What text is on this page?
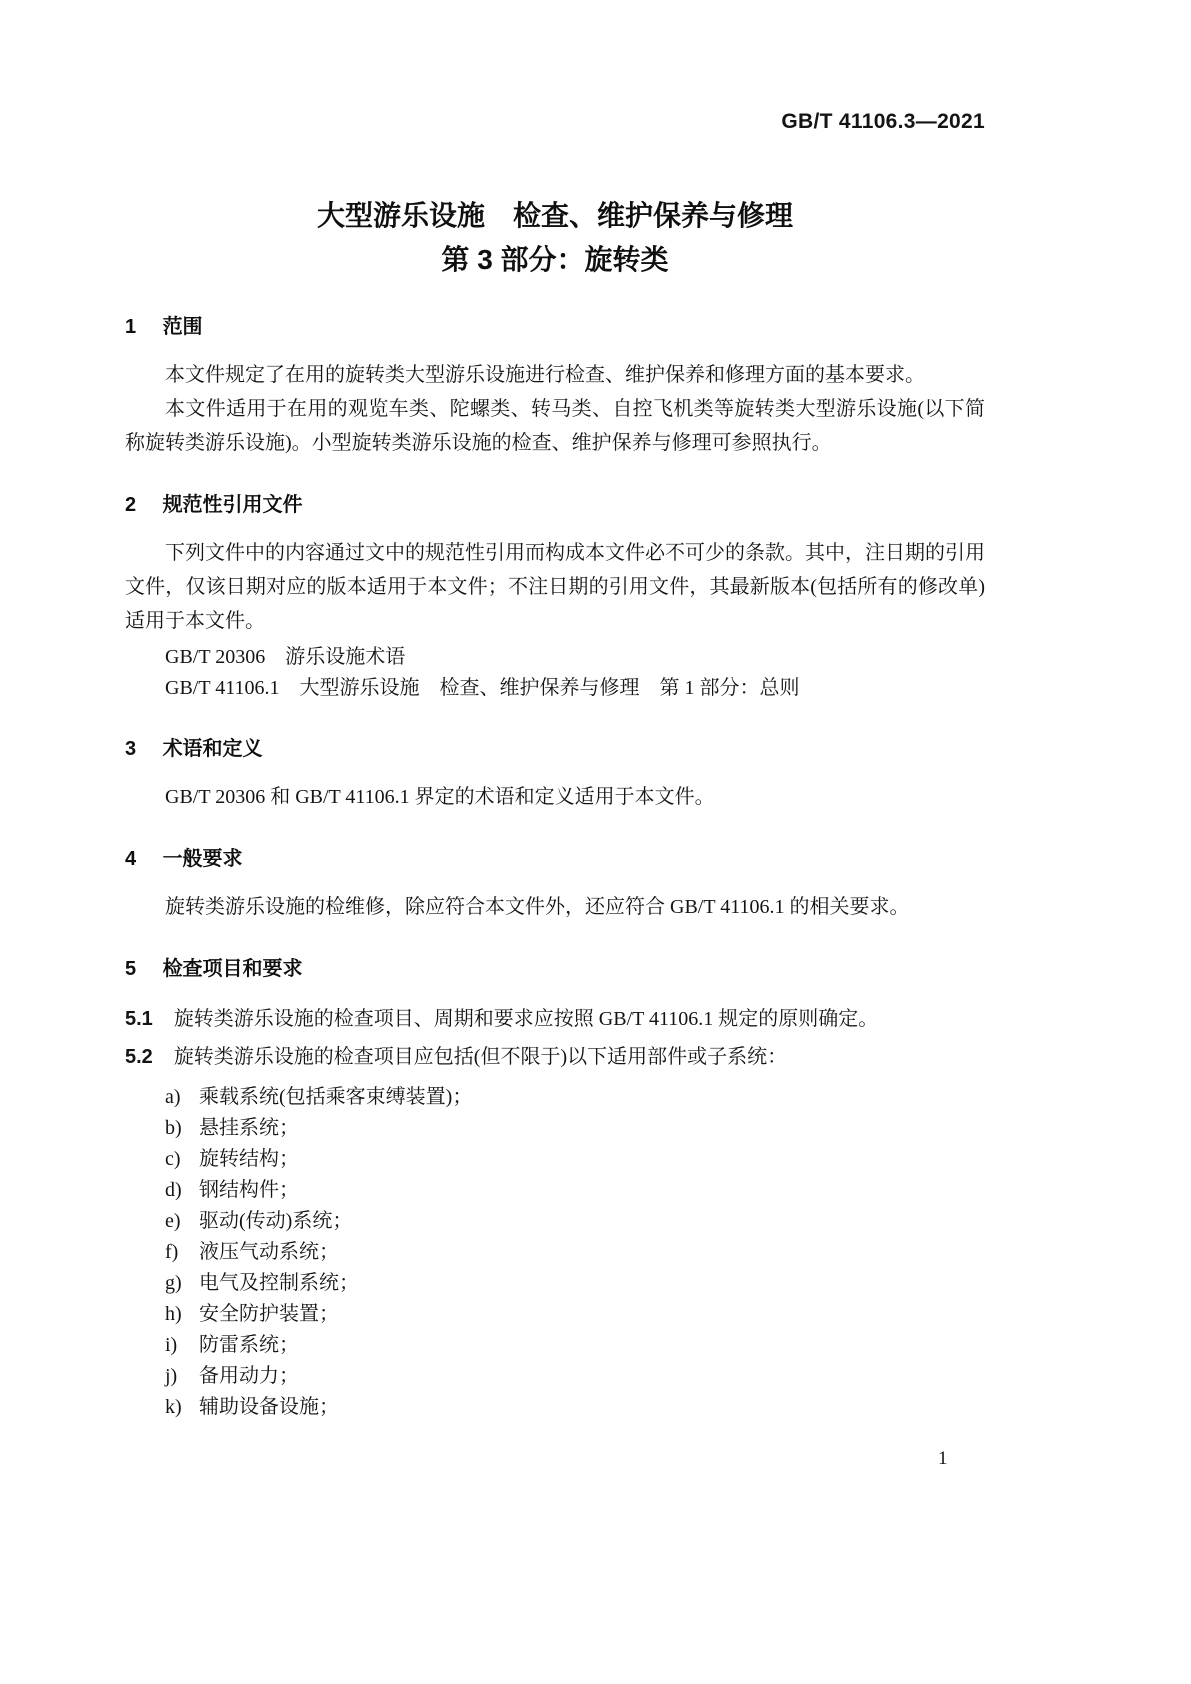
GB/T 41106.3—2021
大型游乐设施　检查、维护保养与修理
第 3 部分：旋转类
1 范围

本文件规定了在用的旋转类大型游乐设施进行检查、维护保养和修理方面的基本要求。

本文件适用于在用的观览车类、陀螺类、转马类、自控飞机类等旋转类大型游乐设施(以下简称旋转类游乐设施)。小型旋转类游乐设施的检查、维护保养与修理可参照执行。

2 规范性引用文件

下列文件中的内容通过文中的规范性引用而构成本文件必不可少的条款。其中，注日期的引用文件，仅该日期对应的版本适用于本文件；不注日期的引用文件，其最新版本(包括所有的修改单)适用于本文件。

GB/T 20306　游乐设施术语

GB/T 41106.1　大型游乐设施　检查、维护保养与修理　第 1 部分：总则

3 术语和定义

GB/T 20306 和 GB/T 41106.1 界定的术语和定义适用于本文件。

4 一般要求

旋转类游乐设施的检维修，除应符合本文件外，还应符合 GB/T 41106.1 的相关要求。

5 检查项目和要求

5.1 旋转类游乐设施的检查项目、周期和要求应按照 GB/T 41106.1 规定的原则确定。

5.2 旋转类游乐设施的检查项目应包括(但不限于)以下适用部件或子系统：

a) 乘载系统(包括乘客束缚装置)；
b) 悬挂系统；
c) 旋转结构；
d) 钢结构件；
e) 驱动(传动)系统；
f) 液压气动系统；
g) 电气及控制系统；
h) 安全防护装置；
i) 防雷系统；
j) 备用动力；
k) 辅助设备设施；
1
